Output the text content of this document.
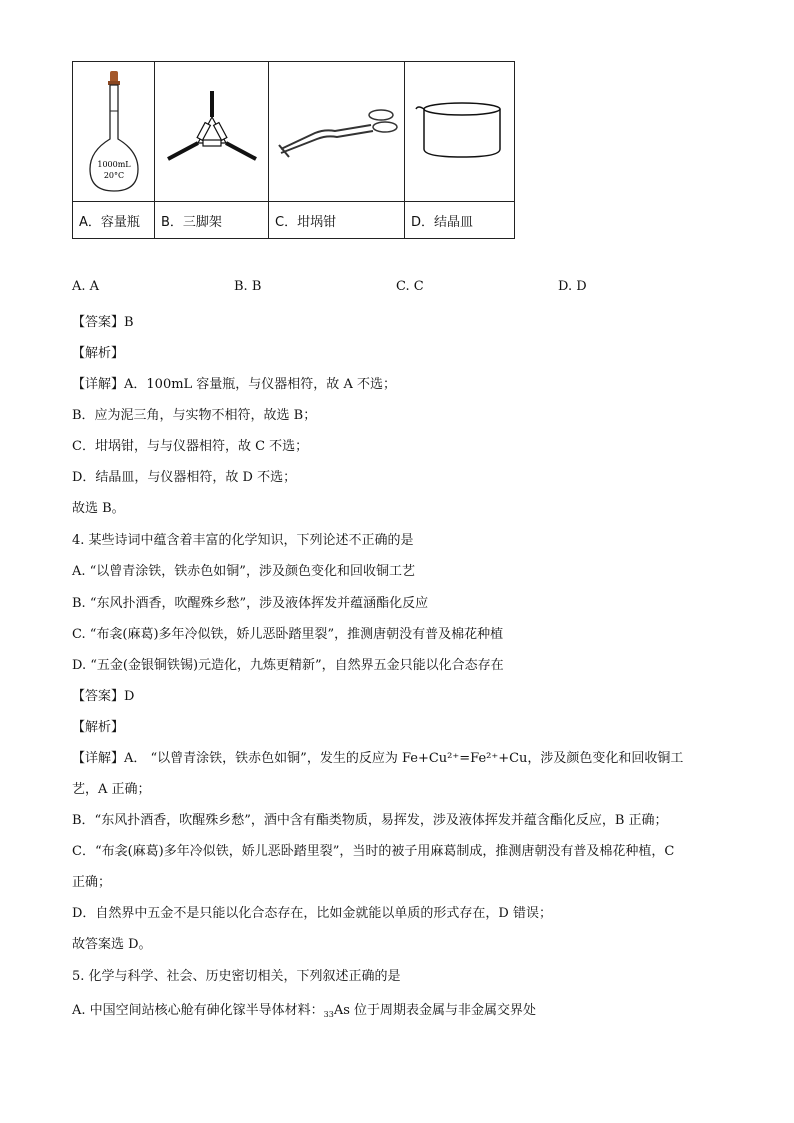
1000mL
20°C

A．容量瓶	B．三脚架	C．坩埚钳	D．结晶皿
A. A	B. B	C. C	D. D
【答案】B
【解析】
【详解】A．100mL 容量瓶，与仪器相符，故 A 不选；
B．应为泥三角，与实物不相符，故选 B；
C．坩埚钳，与与仪器相符，故 C 不选；
D．结晶皿，与仪器相符，故 D 不选；
故选 B。
4. 某些诗词中蕴含着丰富的化学知识，下列论述不正确的是
A. “以曾青涂铁，铁赤色如铜”，涉及颜色变化和回收铜工艺
B. “东风扑酒香，吹醒殊乡愁”，涉及液体挥发并蕴涵酯化反应
C. “布衾(麻葛)多年冷似铁，娇儿恶卧踏里裂”，推测唐朝没有普及棉花种植
D. “五金(金银铜铁锡)元造化，九炼更精新”，自然界五金只能以化合态存在
【答案】D
【解析】
【详解】A． “以曾青涂铁，铁赤色如铜”，发生的反应为 Fe+Cu²⁺=Fe²⁺+Cu，涉及颜色变化和回收铜工
艺，A 正确；
B．“东风扑酒香，吹醒殊乡愁”，酒中含有酯类物质，易挥发，涉及液体挥发并蕴含酯化反应，B 正确；
C．“布衾(麻葛)多年冷似铁，娇儿恶卧踏里裂”，当时的被子用麻葛制成，推测唐朝没有普及棉花种植，C
正确；
D．自然界中五金不是只能以化合态存在，比如金就能以单质的形式存在，D 错误；
故答案选 D。
5. 化学与科学、社会、历史密切相关，下列叙述正确的是
A. 中国空间站核心舱有砷化镓半导体材料：$_{33}$As 位于周期表金属与非金属交界处
